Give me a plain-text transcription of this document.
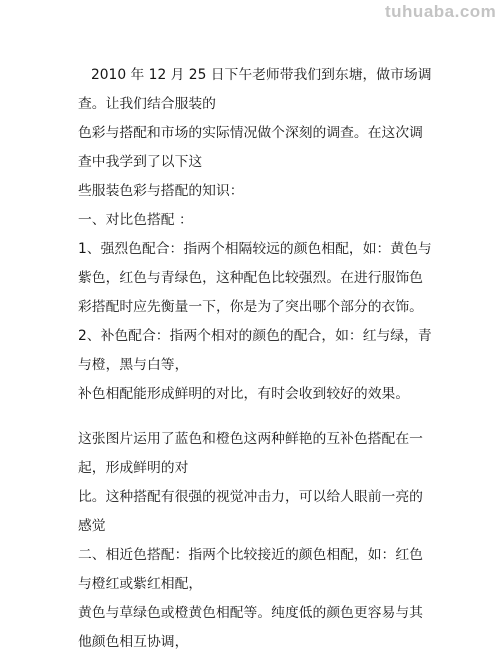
tuhuaba.com
2010 年 12 月 25 日下午老师带我们到东塘，做市场调
查。让我们结合服装的
色彩与搭配和市场的实际情况做个深刻的调查。在这次调
查中我学到了以下这
些服装色彩与搭配的知识：
一、对比色搭配 ：
1、强烈色配合：指两个相隔较远的颜色相配，如：黄色与
紫色，红色与青绿色，这种配色比较强烈。在进行服饰色
彩搭配时应先衡量一下，你是为了突出哪个部分的衣饰。
2、补色配合：指两个相对的颜色的配合，如：红与绿，青
与橙，黑与白等，
补色相配能形成鲜明的对比，有时会收到较好的效果。
这张图片运用了蓝色和橙色这两种鲜艳的互补色搭配在一
起，形成鲜明的对
比。这种搭配有很强的视觉冲击力，可以给人眼前一亮的
感觉
二、相近色搭配：指两个比较接近的颜色相配，如：红色
与橙红或紫红相配，
黄色与草绿色或橙黄色相配等。纯度低的颜色更容易与其
他颜色相互协调，
